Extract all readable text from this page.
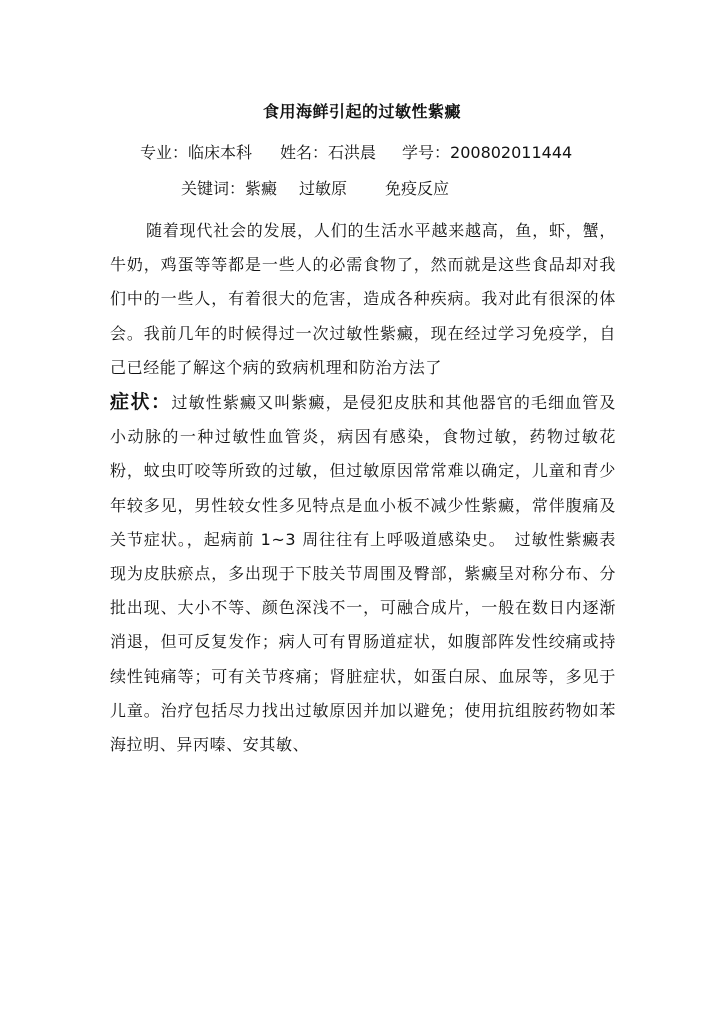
食用海鲜引起的过敏性紫癜
专业：临床本科 姓名：石洪晨 学号：200802011444
关键词：紫癜 过敏原 免疫反应

随着现代社会的发展，人们的生活水平越来越高，鱼，虾，蟹，牛奶，鸡蛋等等都是一些人的必需食物了，然而就是这些食品却对我们中的一些人，有着很大的危害，造成各种疾病。我对此有很深的体会。我前几年的时候得过一次过敏性紫癜，现在经过学习免疫学，自己已经能了解这个病的致病机理和防治方法了

症状：过敏性紫癜又叫紫癜，是侵犯皮肤和其他器官的毛细血管及小动脉的一种过敏性血管炎，病因有感染，食物过敏，药物过敏花粉，蚊虫叮咬等所致的过敏，但过敏原因常常难以确定，儿童和青少年较多见，男性较女性多见特点是血小板不减少性紫癜，常伴腹痛及关节症状。，起病前 1~3 周往往有上呼吸道感染史。　过敏性紫癜表现为皮肤瘀点，多出现于下肢关节周围及臀部，紫癜呈对称分布、分批出现、大小不等、颜色深浅不一，可融合成片，一般在数日内逐渐消退，但可反复发作；病人可有胃肠道症状，如腹部阵发性绞痛或持续性钝痛等；可有关节疼痛；肾脏症状，如蛋白尿、血尿等，多见于儿童。治疗包括尽力找出过敏原因并加以避免；使用抗组胺药物如苯海拉明、异丙嗪、安其敏、
